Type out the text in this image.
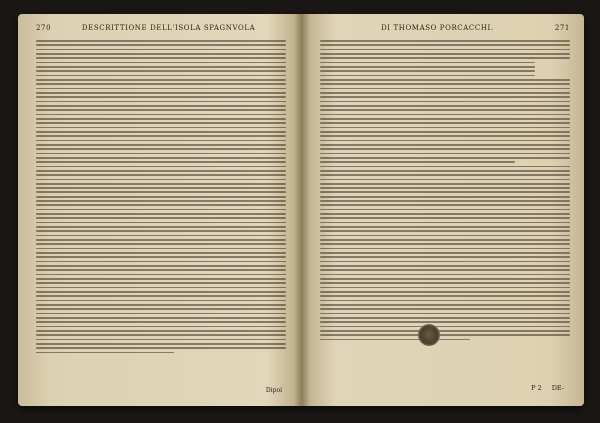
270	DESCRITTIONE DELL'ISOLA SPAGNVOLA

Dipoi
DI THOMASO PORCACCHI.	271
P 2 DE-
